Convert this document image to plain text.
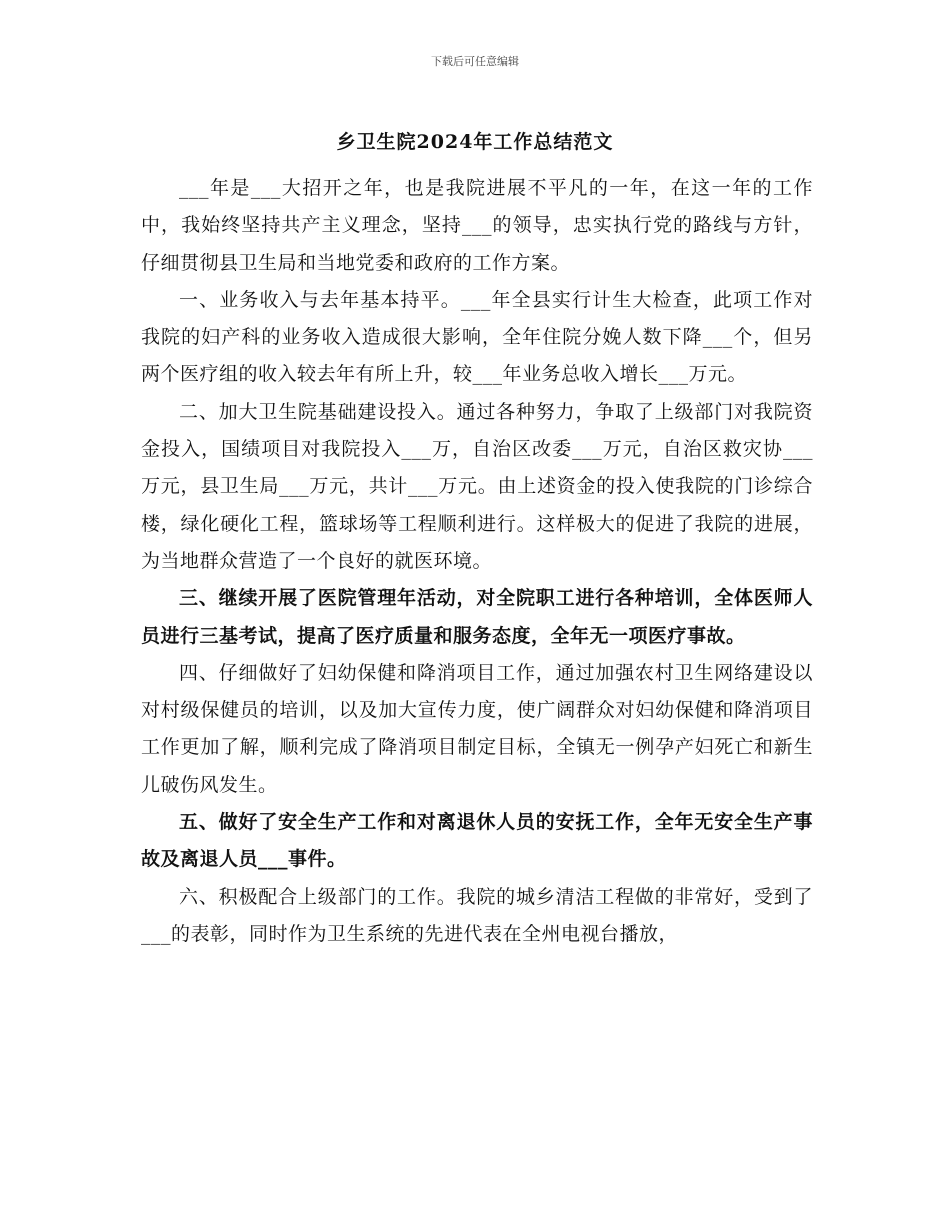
下载后可任意编辑
乡卫生院2024年工作总结范文

___年是___大招开之年，也是我院进展不平凡的一年，在这一年的工作中，我始终坚持共产主义理念，坚持___的领导，忠实执行党的路线与方针，仔细贯彻县卫生局和当地党委和政府的工作方案。

一、业务收入与去年基本持平。___年全县实行计生大检查，此项工作对我院的妇产科的业务收入造成很大影响，全年住院分娩人数下降___个，但另两个医疗组的收入较去年有所上升，较___年业务总收入增长___万元。

二、加大卫生院基础建设投入。通过各种努力，争取了上级部门对我院资金投入，国绩项目对我院投入___万，自治区改委___万元，自治区救灾协___万元，县卫生局___万元，共计___万元。由上述资金的投入使我院的门诊综合楼，绿化硬化工程，篮球场等工程顺利进行。这样极大的促进了我院的进展，为当地群众营造了一个良好的就医环境。

三、继续开展了医院管理年活动，对全院职工进行各种培训，全体医师人员进行三基考试，提高了医疗质量和服务态度，全年无一项医疗事故。

四、仔细做好了妇幼保健和降消项目工作，通过加强农村卫生网络建设以对村级保健员的培训，以及加大宣传力度，使广阔群众对妇幼保健和降消项目工作更加了解，顺利完成了降消项目制定目标，全镇无一例孕产妇死亡和新生儿破伤风发生。

五、做好了安全生产工作和对离退休人员的安抚工作，全年无安全生产事故及离退人员___事件。

六、积极配合上级部门的工作。我院的城乡清洁工程做的非常好，受到了___的表彰，同时作为卫生系统的先进代表在全州电视台播放，
